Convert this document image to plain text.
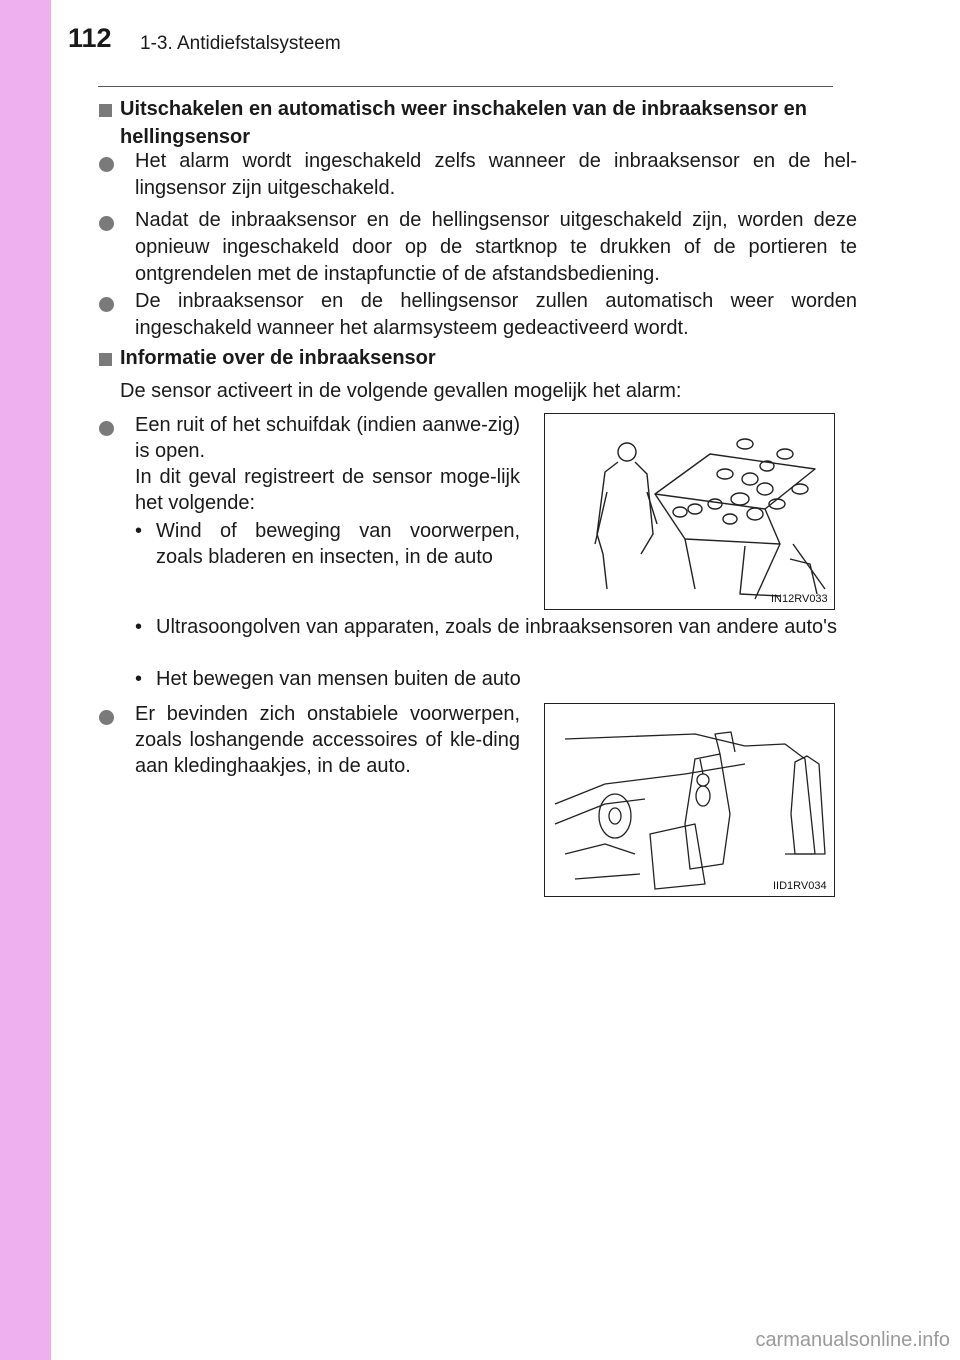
112 1-3. Antidiefstalsysteem
Uitschakelen en automatisch weer inschakelen van de inbraaksensor en hellingsensor
Het alarm wordt ingeschakeld zelfs wanneer de inbraaksensor en de hel-lingsensor zijn uitgeschakeld.
Nadat de inbraaksensor en de hellingsensor uitgeschakeld zijn, worden deze opnieuw ingeschakeld door op de startknop te drukken of de portieren te ontgrendelen met de instapfunctie of de afstandsbediening.
De inbraaksensor en de hellingsensor zullen automatisch weer worden ingeschakeld wanneer het alarmsysteem gedeactiveerd wordt.
Informatie over de inbraaksensor
De sensor activeert in de volgende gevallen mogelijk het alarm:
Een ruit of het schuifdak (indien aanwe-zig) is open.
In dit geval registreert de sensor moge-lijk het volgende:
• Wind of beweging van voorwerpen, zoals bladeren en insecten, in de auto
• Ultrasoongolven van apparaten, zoals de inbraaksensoren van andere auto's
• Het bewegen van mensen buiten de auto
IN12RV033
Er bevinden zich onstabiele voorwerpen, zoals loshangende accessoires of kle-ding aan kledinghaakjes, in de auto.
IID1RV034
carmanualsonline.info
